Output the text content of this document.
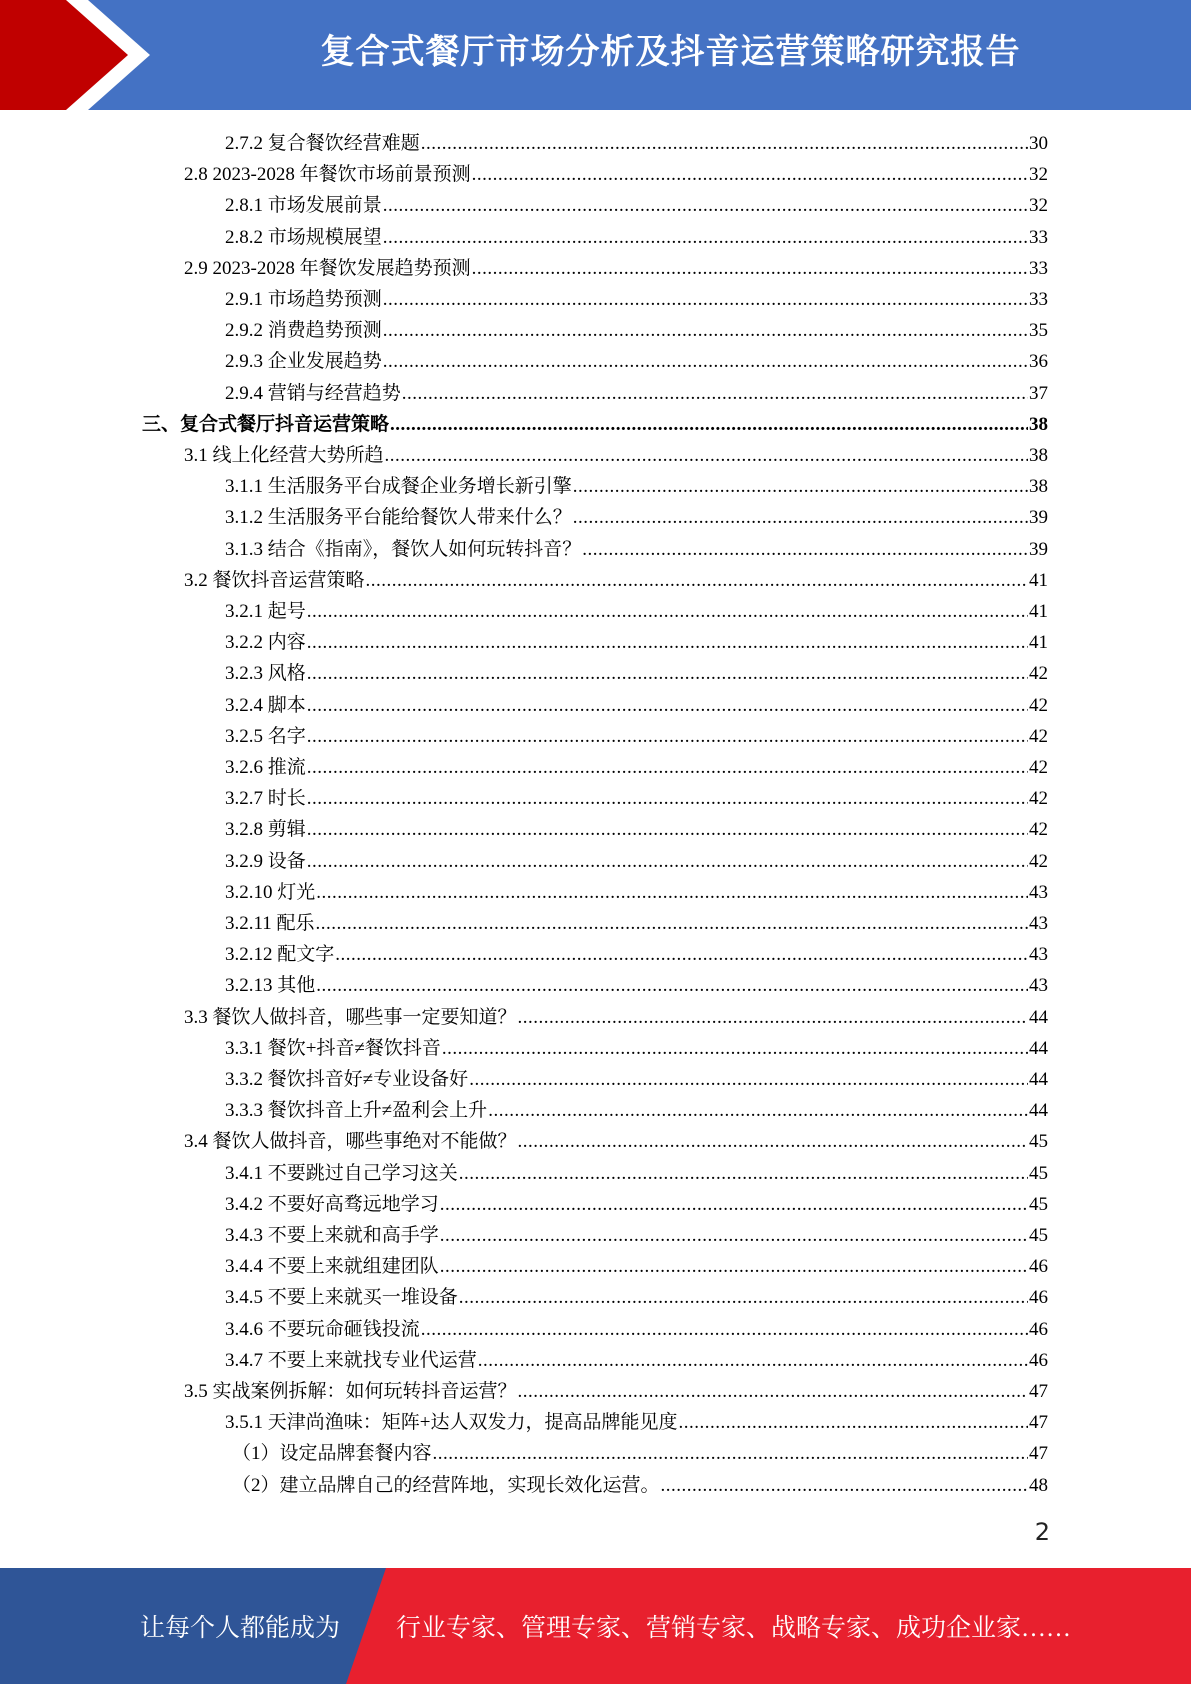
复合式餐厅市场分析及抖音运营策略研究报告
2.7.2 复合餐饮经营难题 .....	30
2.8 2023-2028 年餐饮市场前景预测 .....	32
2.8.1 市场发展前景 .....	32
2.8.2 市场规模展望 .....	33
2.9 2023-2028 年餐饮发展趋势预测 .....	33
2.9.1 市场趋势预测 .....	33
2.9.2 消费趋势预测 .....	35
2.9.3 企业发展趋势 .....	36
2.9.4 营销与经营趋势 .....	37
三、复合式餐厅抖音运营策略 .....	38
3.1 线上化经营大势所趋 .....	38
3.1.1 生活服务平台成餐企业务增长新引擎 .....	38
3.1.2 生活服务平台能给餐饮人带来什么？ .....	39
3.1.3 结合《指南》，餐饮人如何玩转抖音？ .....	39
3.2 餐饮抖音运营策略 .....	41
3.2.1 起号 .....	41
3.2.2 内容 .....	41
3.2.3 风格 .....	42
3.2.4 脚本 .....	42
3.2.5 名字 .....	42
3.2.6 推流 .....	42
3.2.7 时长 .....	42
3.2.8 剪辑 .....	42
3.2.9 设备 .....	42
3.2.10 灯光 .....	43
3.2.11 配乐 .....	43
3.2.12 配文字 .....	43
3.2.13 其他 .....	43
3.3 餐饮人做抖音，哪些事一定要知道？ .....	44
3.3.1 餐饮+抖音≠餐饮抖音 .....	44
3.3.2 餐饮抖音好≠专业设备好 .....	44
3.3.3 餐饮抖音上升≠盈利会上升 .....	44
3.4 餐饮人做抖音，哪些事绝对不能做？ .....	45
3.4.1 不要跳过自己学习这关 .....	45
3.4.2 不要好高骛远地学习 .....	45
3.4.3 不要上来就和高手学 .....	45
3.4.4 不要上来就组建团队 .....	46
3.4.5 不要上来就买一堆设备 .....	46
3.4.6 不要玩命砸钱投流 .....	46
3.4.7 不要上来就找专业代运营 .....	46
3.5 实战案例拆解：如何玩转抖音运营？ .....	47
3.5.1 天津尚渔味：矩阵+达人双发力，提高品牌能见度 .....	47
（1）设定品牌套餐内容 .....	47
（2）建立品牌自己的经营阵地，实现长效化运营。 .....	48
2
让每个人都能成为 行业专家、管理专家、营销专家、战略专家、成功企业家……
